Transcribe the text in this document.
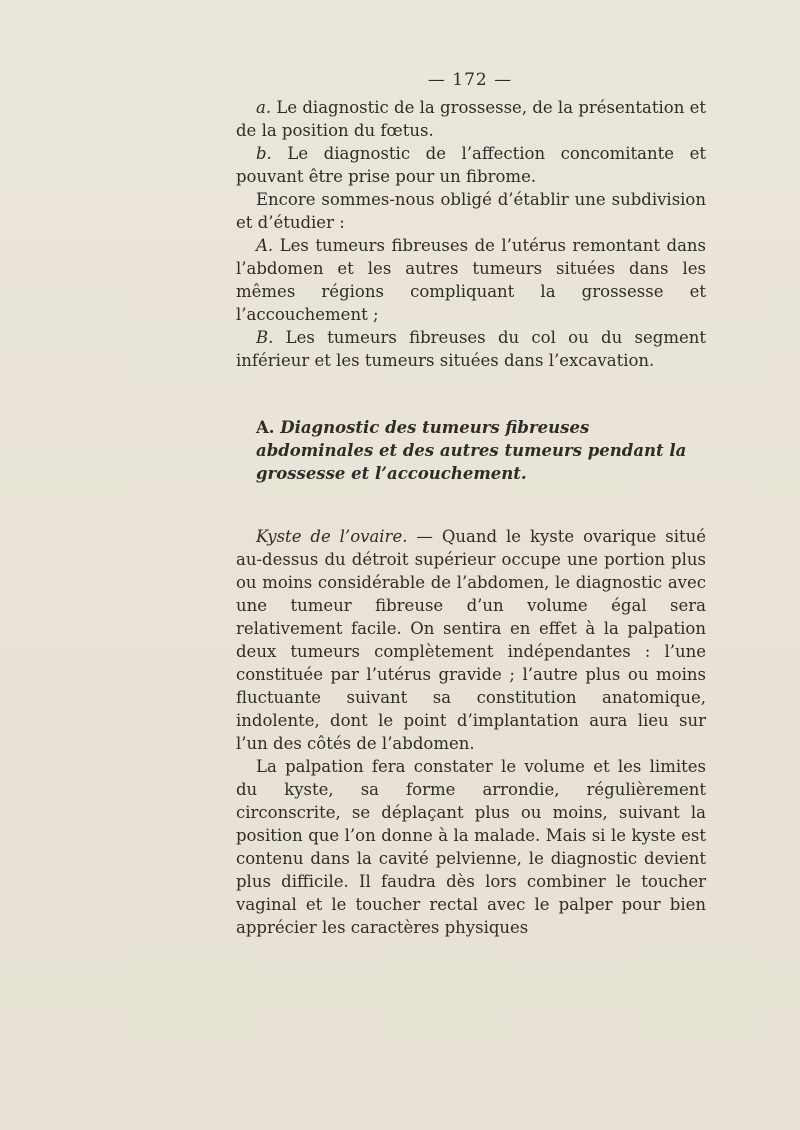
— 172 —

a. Le diagnostic de la grossesse, de la présentation et de la position du fœtus.

b. Le diagnostic de l’affection concomitante et pouvant être prise pour un fibrome.

Encore sommes-nous obligé d’établir une subdivision et d’étudier :

A. Les tumeurs fibreuses de l’utérus remontant dans l’abdomen et les autres tumeurs situées dans les mêmes régions compliquant la grossesse et l’accouchement ;

B. Les tumeurs fibreuses du col ou du segment inférieur et les tumeurs situées dans l’excavation.

A. Diagnostic des tumeurs fibreuses abdominales et des autres tumeurs pendant la grossesse et l’accouchement.

Kyste de l’ovaire. — Quand le kyste ovarique situé au-dessus du détroit supérieur occupe une portion plus ou moins considérable de l’abdomen, le diagnostic avec une tumeur fibreuse d’un volume égal sera relativement facile. On sentira en effet à la palpation deux tumeurs complètement indépendantes : l’une constituée par l’utérus gravide ; l’autre plus ou moins fluctuante suivant sa constitution anatomique, indolente, dont le point d’implantation aura lieu sur l’un des côtés de l’abdomen.

La palpation fera constater le volume et les limites du kyste, sa forme arrondie, régulièrement circonscrite, se déplaçant plus ou moins, suivant la position que l’on donne à la malade. Mais si le kyste est contenu dans la cavité pelvienne, le diagnostic devient plus difficile. Il faudra dès lors combiner le toucher vaginal et le toucher rectal avec le palper pour bien apprécier les caractères physiques
